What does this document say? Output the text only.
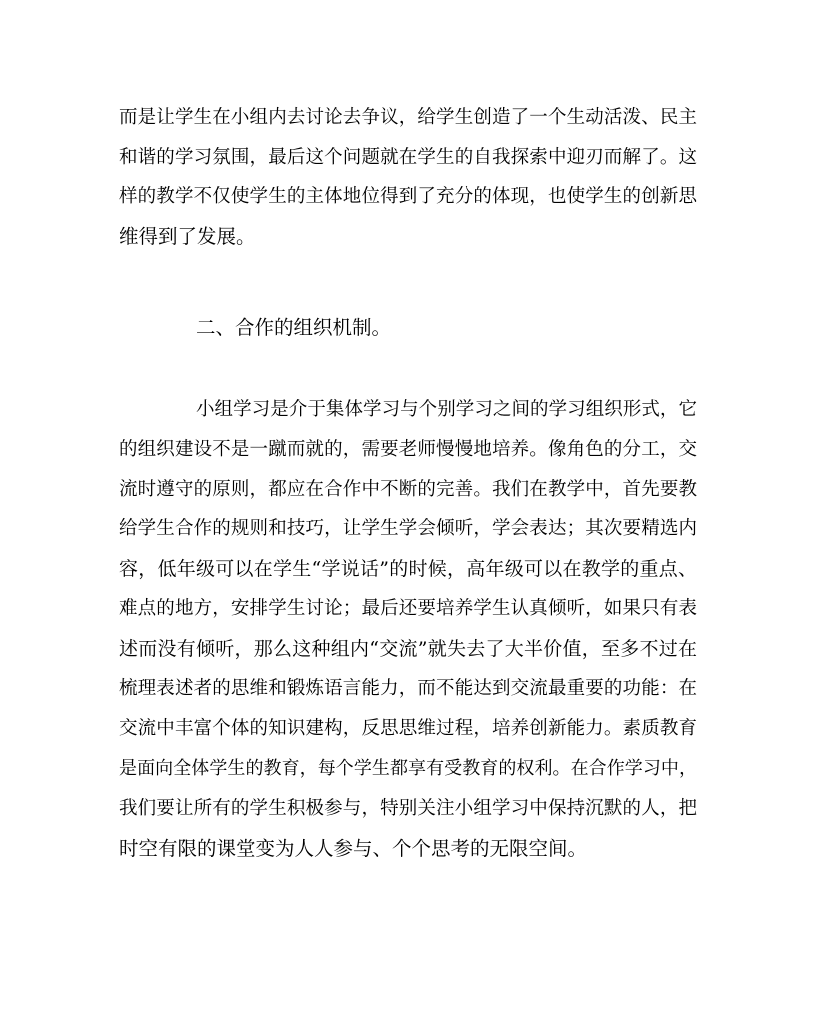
而是让学生在小组内去讨论去争议，给学生创造了一个生动活泼、民主
和谐的学习氛围，最后这个问题就在学生的自我探索中迎刃而解了。这
样的教学不仅使学生的主体地位得到了充分的体现，也使学生的创新思
维得到了发展。
二、合作的组织机制。
小组学习是介于集体学习与个别学习之间的学习组织形式，它
的组织建设不是一蹴而就的，需要老师慢慢地培养。像角色的分工，交
流时遵守的原则，都应在合作中不断的完善。我们在教学中，首先要教
给学生合作的规则和技巧，让学生学会倾听，学会表达；其次要精选内
容，低年级可以在学生“学说话”的时候，高年级可以在教学的重点、
难点的地方，安排学生讨论；最后还要培养学生认真倾听，如果只有表
述而没有倾听，那么这种组内“交流”就失去了大半价值，至多不过在
梳理表述者的思维和锻炼语言能力，而不能达到交流最重要的功能：在
交流中丰富个体的知识建构，反思思维过程，培养创新能力。素质教育
是面向全体学生的教育，每个学生都享有受教育的权利。在合作学习中，
我们要让所有的学生积极参与，特别关注小组学习中保持沉默的人，把
时空有限的课堂变为人人参与、个个思考的无限空间。
